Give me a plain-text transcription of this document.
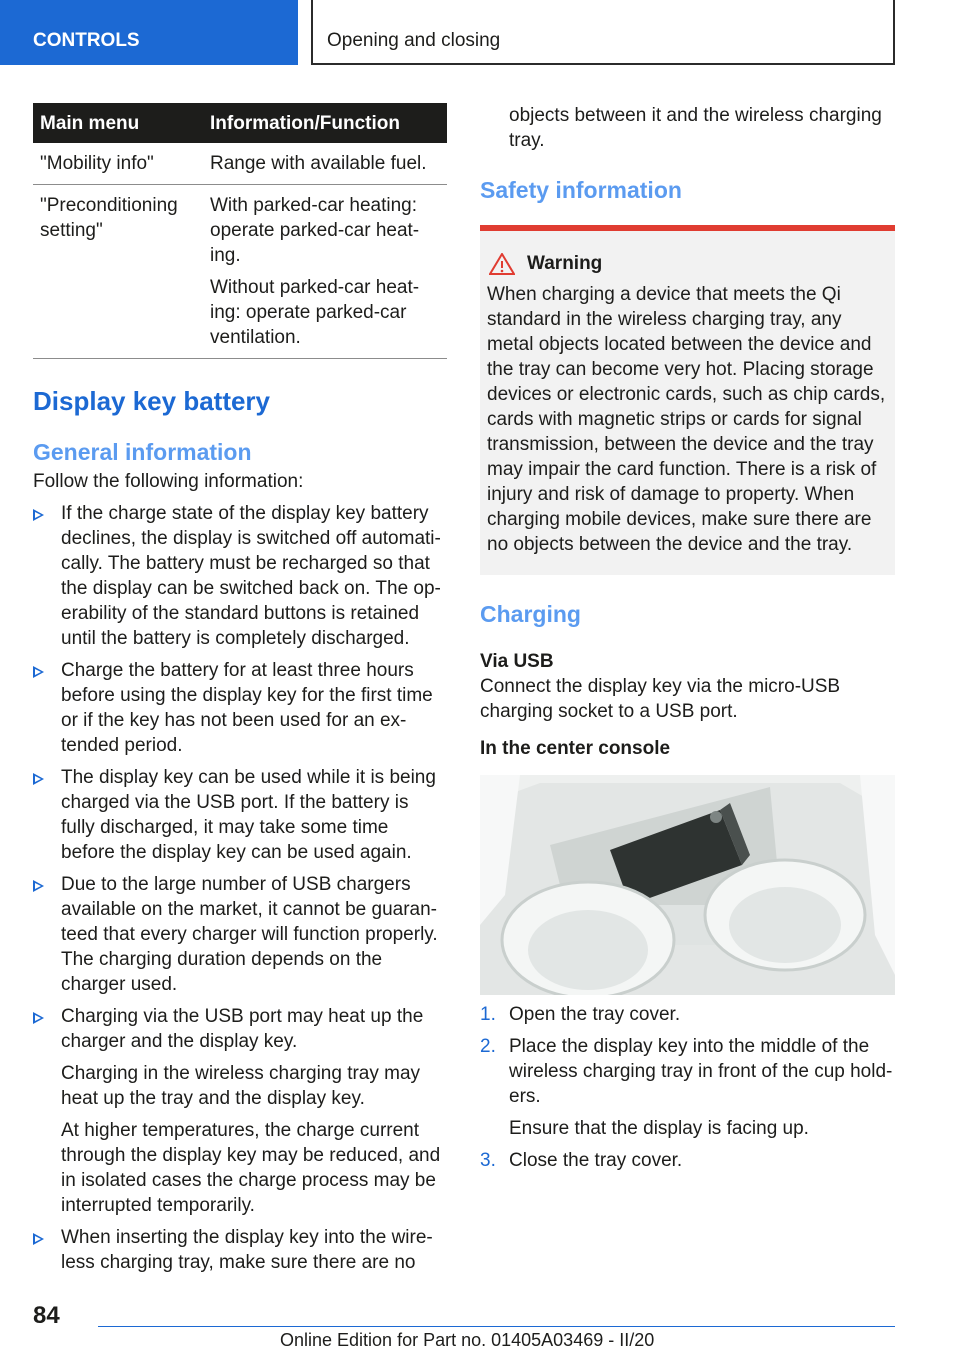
CONTROLS	Opening and closing
Main menu	Information/Function
"Mobility info"	Range with available fuel.

"Preconditioning setting"	With parked-car heating: operate parked-car heat-ing.

Without parked-car heat-ing: operate parked-car ventilation.

Display key battery
General information

Follow the following information:

If the charge state of the display key battery declines, the display is switched off automati-cally. The battery must be recharged so that the display can be switched back on. The op-erability of the standard buttons is retained until the battery is completely discharged.

Charge the battery for at least three hours before using the display key for the first time or if the key has not been used for an ex-tended period.

The display key can be used while it is being charged via the USB port. If the battery is fully discharged, it may take some time before the display key can be used again.

Due to the large number of USB chargers available on the market, it cannot be guaran-teed that every charger will function properly. The charging duration depends on the charger used.

Charging via the USB port may heat up the charger and the display key.

Charging in the wireless charging tray may heat up the tray and the display key.

At higher temperatures, the charge current through the display key may be reduced, and in isolated cases the charge process may be interrupted temporarily.

When inserting the display key into the wire-less charging tray, make sure there are no

objects between it and the wireless charging tray.

Safety information
Warning

When charging a device that meets the Qi standard in the wireless charging tray, any metal objects located between the device and the tray can become very hot. Placing storage devices or electronic cards, such as chip cards, cards with magnetic strips or cards for signal transmission, between the device and the tray may impair the card function. There is a risk of injury and risk of damage to property. When charging mobile devices, make sure there are no objects between the device and the tray.

Charging
Via USB

Connect the display key via the micro-USB charging socket to a USB port.

In the center console
1. Open the tray cover.

2. Place the display key into the middle of the wireless charging tray in front of the cup hold-ers.

Ensure that the display is facing up.

3. Close the tray cover.

84
Online Edition for Part no. 01405A03469 - II/20
